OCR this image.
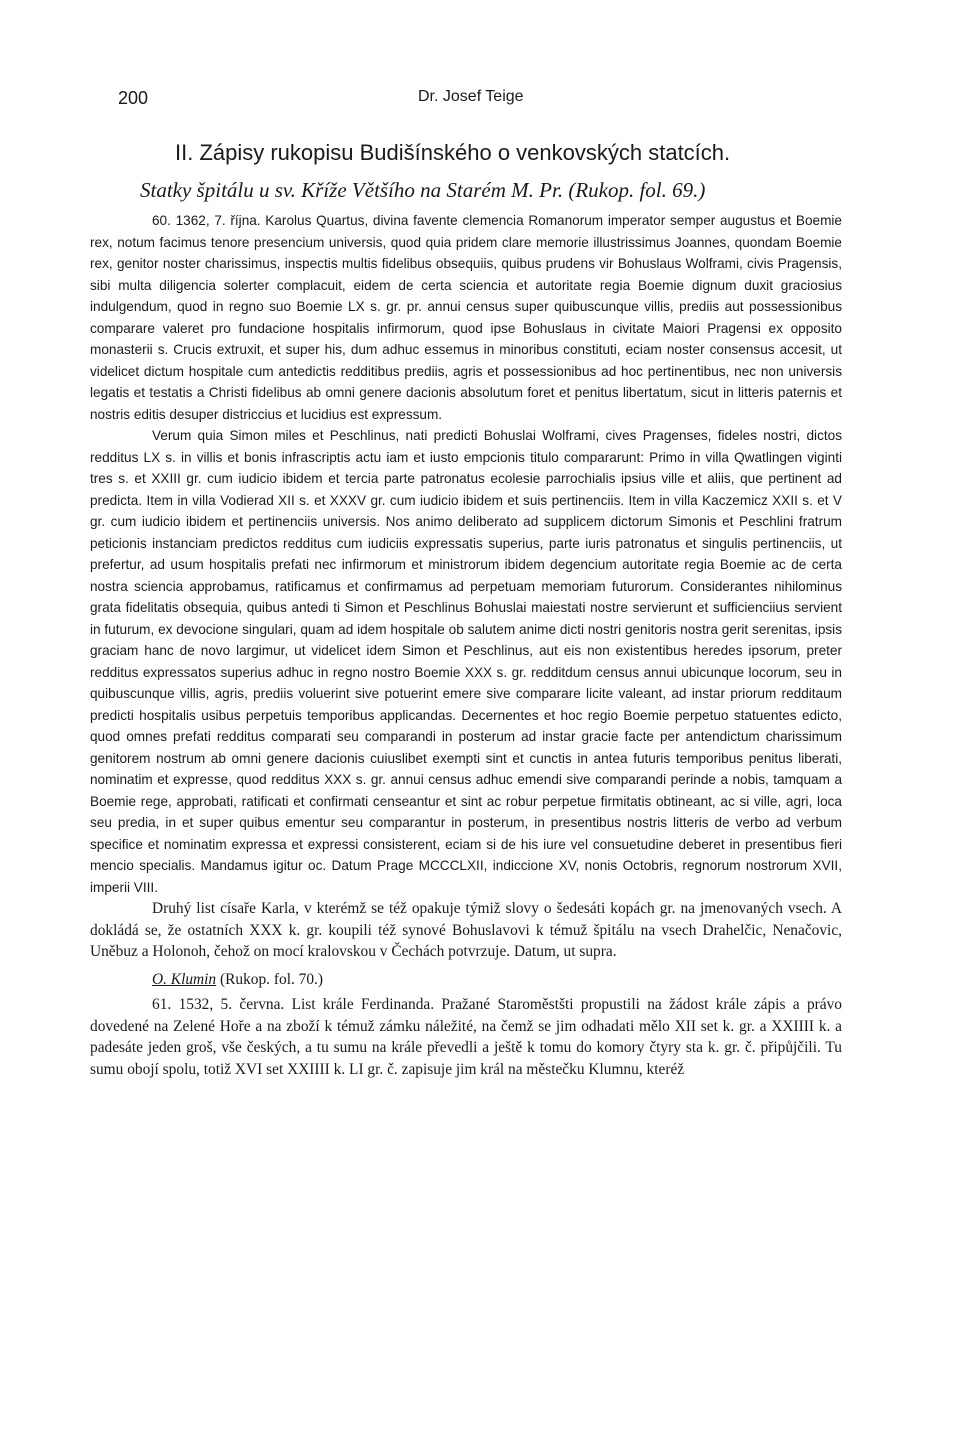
200	Dr. Josef Teige
II. Zápisy rukopisu Budišínského o venkovských statcích.
Statky špitálu u sv. Kříže Většího na Starém M. Pr. (Rukop. fol. 69.)

60. 1362, 7. října. Karolus Quartus, divina favente clemencia Romanorum imperator semper augustus et Boemie rex, notum facimus tenore presencium universis, quod quia pridem clare memorie illustrissimus Joannes, quondam Boemie rex, genitor noster charissimus, inspectis multis fidelibus obsequiis, quibus prudens vir Bohuslaus Wolframi, civis Pragensis, sibi multa diligencia solerter complacuit, eidem de certa sciencia et autoritate regia Boemie dignum duxit graciosius indulgendum, quod in regno suo Boemie LX s. gr. pr. annui census super quibuscunque villis, prediis aut possessionibus comparare valeret pro fundacione hospitalis infirmorum, quod ipse Bohuslaus in civitate Maiori Pragensi ex opposito monasterii s. Crucis extruxit, et super his, dum adhuc essemus in minoribus constituti, eciam noster consensus accesit, ut videlicet dictum hospitale cum antedictis redditibus prediis, agris et possessionibus ad hoc pertinentibus, nec non universis legatis et testatis a Christi fidelibus ab omni genere dacionis absolutum foret et penitus libertatum, sicut in litteris paternis et nostris editis desuper districcius et lucidius est expressum.

Verum quia Simon miles et Peschlinus, nati predicti Bohuslai Wolframi, cives Pragenses, fideles nostri, dictos redditus LX s. in villis et bonis infrascriptis actu iam et iusto empcionis titulo compararunt: Primo in villa Qwatlingen viginti tres s. et XXIII gr. cum iudicio ibidem et tercia parte patronatus ecolesie parrochialis ipsius ville et aliis, que pertinent ad predicta. Item in villa Vodierad XII s. et XXXV gr. cum iudicio ibidem et suis pertinenciis. Item in villa Kaczemicz XXII s. et V gr. cum iudicio ibidem et pertinenciis universis. Nos animo deliberato ad supplicem dictorum Simonis et Peschlini fratrum peticionis instanciam predictos redditus cum iudiciis expressatis superius, parte iuris patronatus et singulis pertinenciis, ut prefertur, ad usum hospitalis prefati nec infirmorum et ministrorum ibidem degencium autoritate regia Boemie ac de certa nostra sciencia approbamus, ratificamus et confirmamus ad perpetuam memoriam futurorum. Considerantes nihilominus grata fidelitatis obsequia, quibus antedi ti Simon et Peschlinus Bohuslai maiestati nostre servierunt et sufficienciius servient in futurum, ex devocione singulari, quam ad idem hospitale ob salutem anime dicti nostri genitoris nostra gerit serenitas, ipsis graciam hanc de novo largimur, ut videlicet idem Simon et Peschlinus, aut eis non existentibus heredes ipsorum, preter redditus expressatos superius adhuc in regno nostro Boemie XXX s. gr. redditdum census annui ubicunque locorum, seu in quibuscunque villis, agris, prediis voluerint sive potuerint emere sive comparare licite valeant, ad instar priorum redditaum predicti hospitalis usibus perpetuis temporibus applicandas. Decernentes et hoc regio Boemie perpetuo statuentes edicto, quod omnes prefati redditus comparati seu comparandi in posterum ad instar gracie facte per antendictum charissimum genitorem nostrum ab omni genere dacionis cuiuslibet exempti sint et cunctis in antea futuris temporibus penitus liberati, nominatim et expresse, quod redditus XXX s. gr. annui census adhuc emendi sive comparandi perinde a nobis, tamquam a Boemie rege, approbati, ratificati et confirmati censeantur et sint ac robur perpetue firmitatis obtineant, ac si ville, agri, loca seu predia, in et super quibus ementur seu comparantur in posterum, in presentibus nostris litteris de verbo ad verbum specifice et nominatim expressa et expressi consisterent, eciam si de his iure vel consuetudine deberet in presentibus fieri mencio specialis. Mandamus igitur oc. Datum Prage MCCCLXII, indiccione XV, nonis Octobris, regnorum nostrorum XVII, imperii VIII.

Druhý list císaře Karla, v kterémž se též opakuje týmiž slovy o šedesáti kopách gr. na jmenovaných vsech. A dokládá se, že ostatních XXX k. gr. koupili též synové Bohuslavovi k témuž špitálu na vsech Drahelčic, Nenačovic, Uněbuz a Holonoh, čehož on mocí kralovskou v Čechách potvrzuje. Datum, ut supra.

O. Klumin (Rukop. fol. 70.)

61. 1532, 5. června. List krále Ferdinanda. Pražané Staroměstšti propustili na žádost krále zápis a právo dovedené na Zelené Hoře a na zboží k témuž zámku náležité, na čemž se jim odhadati mělo XII set k. gr. a XXIIII k. a padesáte jeden groš, vše českých, a tu sumu na krále převedli a ještě k tomu do komory čtyry sta k. gr. č. připůjčili. Tu sumu obojí spolu, totiž XVI set XXIIII k. LI gr. č. zapisuje jim král na městečku Klumnu, kteréž
